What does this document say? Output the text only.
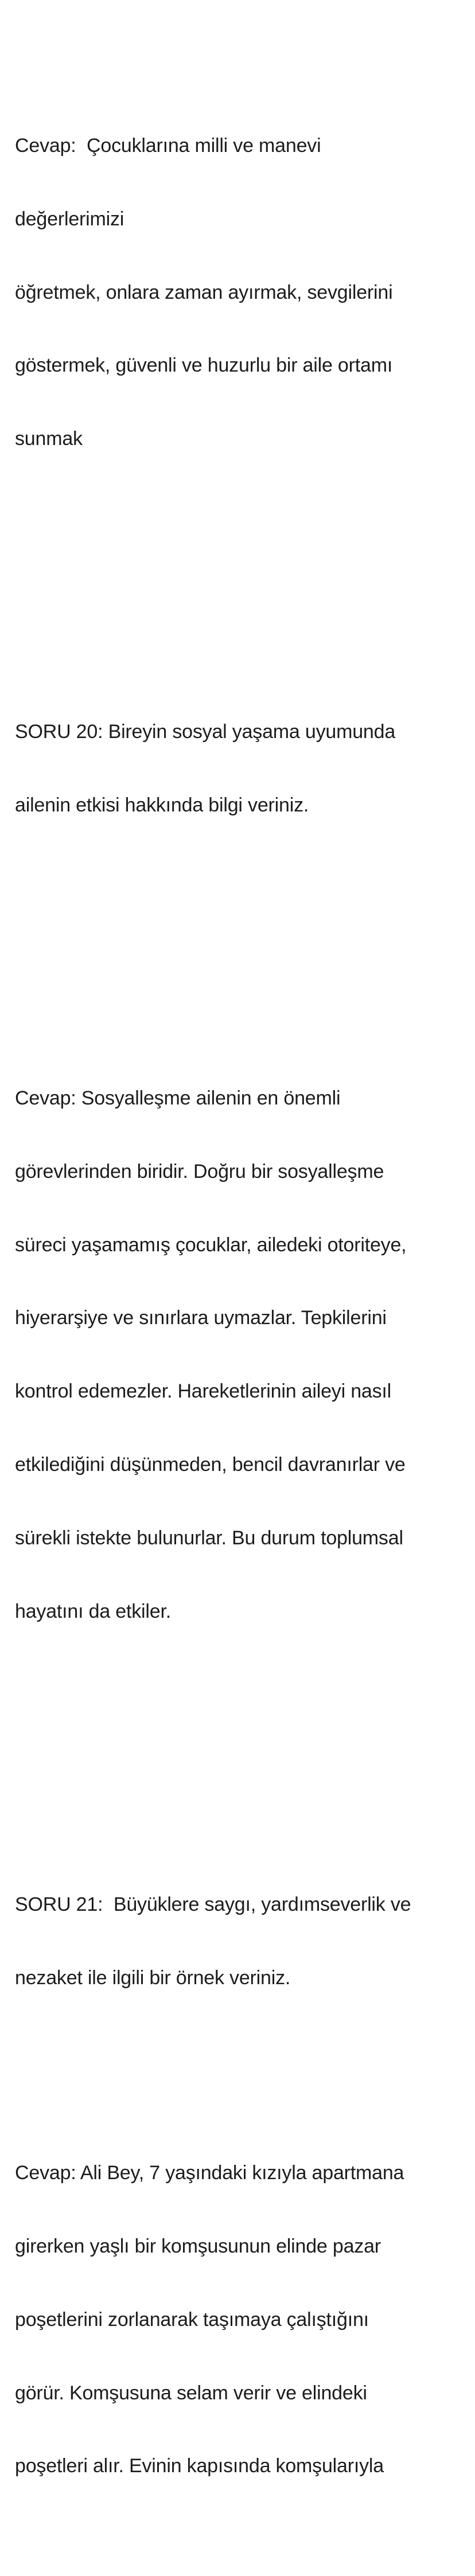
Cevap:  Çocuklarına milli ve manevi

değerlerimizi

öğretmek, onlara zaman ayırmak, sevgilerini

göstermek, güvenli ve huzurlu bir aile ortamı

sunmak

SORU 20: Bireyin sosyal yaşama uyumunda

ailenin etkisi hakkında bilgi veriniz.

Cevap: Sosyalleşme ailenin en önemli

görevlerinden biridir. Doğru bir sosyalleşme

süreci yaşamamış çocuklar, ailedeki otoriteye,

hiyerarşiye ve sınırlara uymazlar. Tepkilerini

kontrol edemezler. Hareketlerinin aileyi nasıl

etkilediğini düşünmeden, bencil davranırlar ve

sürekli istekte bulunurlar. Bu durum toplumsal

hayatını da etkiler.

SORU 21:  Büyüklere saygı, yardımseverlik ve

nezaket ile ilgili bir örnek veriniz.

Cevap: Ali Bey, 7 yaşındaki kızıyla apartmana

girerken yaşlı bir komşusunun elinde pazar

poşetlerini zorlanarak taşımaya çalıştığını

görür. Komşusuna selam verir ve elindeki

poşetleri alır. Evinin kapısında komşularıyla
